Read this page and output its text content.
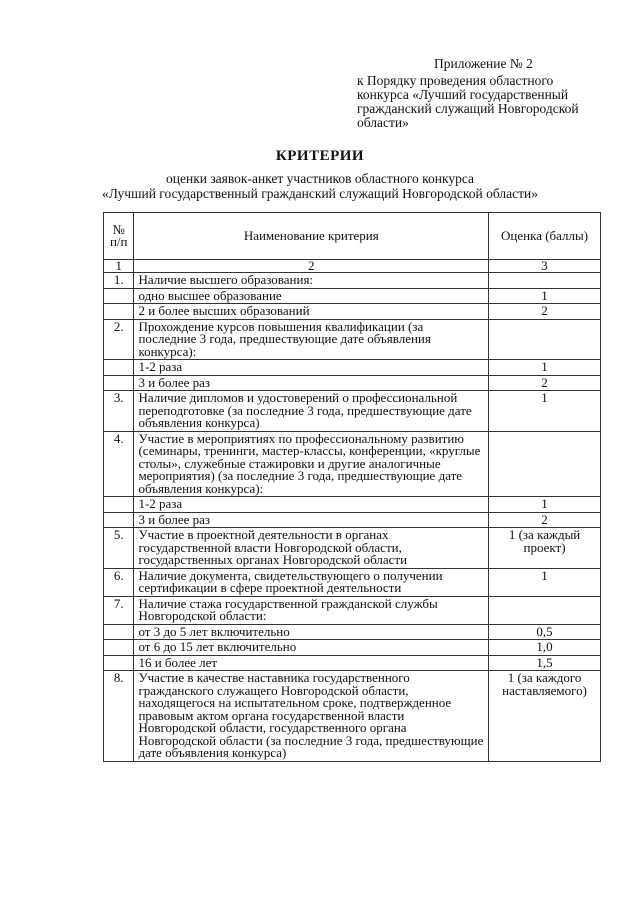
Приложение № 2
к Порядку проведения областного
конкурса «Лучший государственный
гражданский служащий Новгородской
области»
КРИТЕРИИ
оценки заявок-анкет участников областного конкурса
«Лучший государственный гражданский служащий Новгородской области»
№ п/п	Наименование критерия	Оценка (баллы)
1	2	3
1.	Наличие высшего образования:	
	одно высшее образование	1
	2 и более высших образований	2
2.	Прохождение курсов повышения квалификации (за последние 3 года, предшествующие дате объявления конкурса):	
	1-2 раза	1
	3 и более раз	2
3.	Наличие дипломов и удостоверений о профессиональной переподготовке (за последние 3 года, предшествующие дате объявления конкурса)	1
4.	Участие в мероприятиях по профессиональному развитию (семинары, тренинги, мастер-классы, конференции, «круглые столы», служебные стажировки и другие аналогичные мероприятия) (за последние 3 года, предшествующие дате объявления конкурса):	
	1-2 раза	1
	3 и более раз	2
5.	Участие в проектной деятельности в органах государственной власти Новгородской области, государственных органах Новгородской области	1 (за каждый проект)
6.	Наличие документа, свидетельствующего о получении сертификации в сфере проектной деятельности	1
7.	Наличие стажа государственной гражданской службы Новгородской области:	
	от 3 до 5 лет включительно	0,5
	от 6 до 15 лет включительно	1,0
	16 и более лет	1,5
8.	Участие в качестве наставника государственного гражданского служащего Новгородской области, находящегося на испытательном сроке, подтвержденное правовым актом органа государственной власти Новгородской области, государственного органа Новгородской области (за последние 3 года, предшествующие дате объявления конкурса)	1 (за каждого наставляемого)
